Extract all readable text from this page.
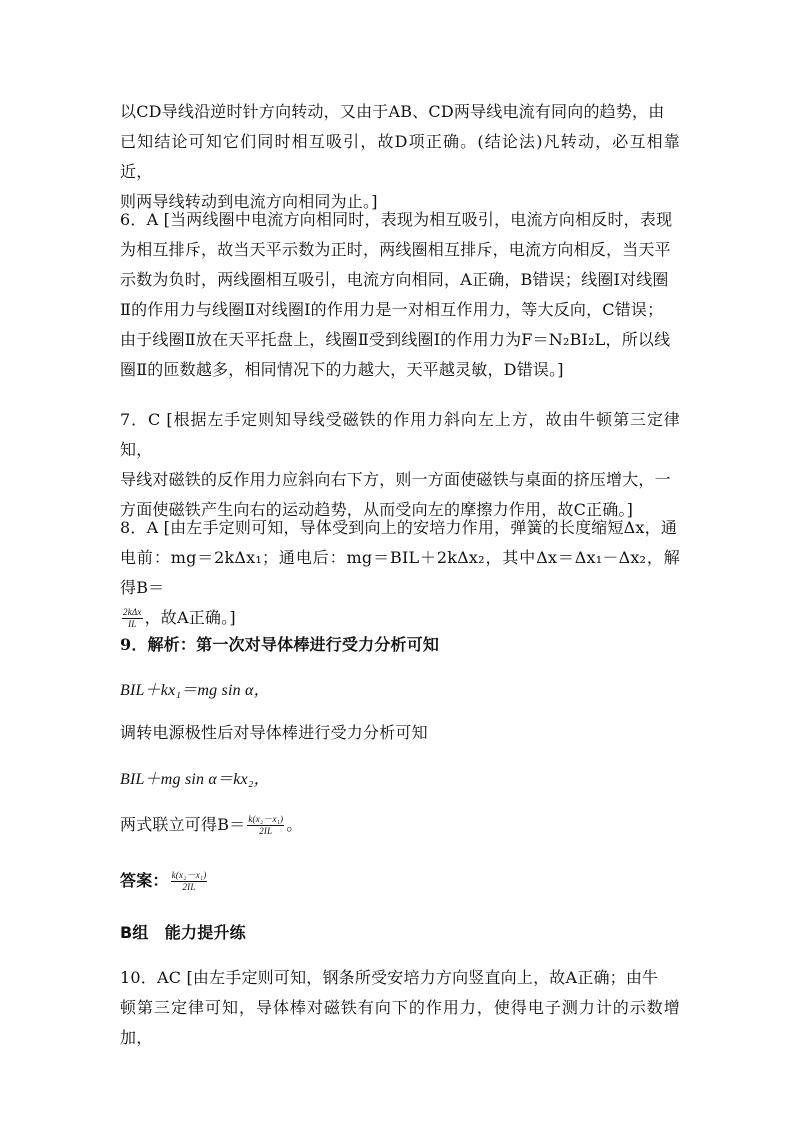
以CD导线沿逆时针方向转动，又由于AB、CD两导线电流有同向的趋势，由
已知结论可知它们同时相互吸引，故D项正确。(结论法)凡转动，必互相靠近，
则两导线转动到电流方向相同为止。]
6．A [当两线圈中电流方向相同时，表现为相互吸引，电流方向相反时，表现
为相互排斥，故当天平示数为正时，两线圈相互排斥，电流方向相反，当天平
示数为负时，两线圈相互吸引，电流方向相同，A正确，B错误；线圈Ⅰ对线圈
Ⅱ的作用力与线圈Ⅱ对线圈Ⅰ的作用力是一对相互作用力，等大反向，C错误；
由于线圈Ⅱ放在天平托盘上，线圈Ⅱ受到线圈Ⅰ的作用力为F＝N₂BI₂L，所以线
圈Ⅱ的匝数越多，相同情况下的力越大，天平越灵敏，D错误。]
7．C [根据左手定则知导线受磁铁的作用力斜向左上方，故由牛顿第三定律知，
导线对磁铁的反作用力应斜向右下方，则一方面使磁铁与桌面的挤压增大，一
方面使磁铁产生向右的运动趋势，从而受向左的摩擦力作用，故C正确。]
8．A [由左手定则可知，导体受到向上的安培力作用，弹簧的长度缩短Δx，通
电前：mg＝2kΔx₁；通电后：mg＝BIL＋2kΔx₂，其中Δx＝Δx₁－Δx₂，解得B＝
$\frac{\text{2kΔx}}{IL}$ ，故A正确。]
9．解析：第一次对导体棒进行受力分析可知
BIL＋kx₁＝mg sin α，
调转电源极性后对导体棒进行受力分析可知
BIL＋mg sin α＝kx₂，
两式联立可得$B= \frac{\text{k(x₂－x₁)}}{2IL}$ 。
答案： $\frac{\text{k(x₂－x₁)}}{2IL}$
B组　能力提升练
10．AC [由左手定则可知，钢条所受安培力方向竖直向上，故A正确；由牛
顿第三定律可知，导体棒对磁铁有向下的作用力，使得电子测力计的示数增加，
